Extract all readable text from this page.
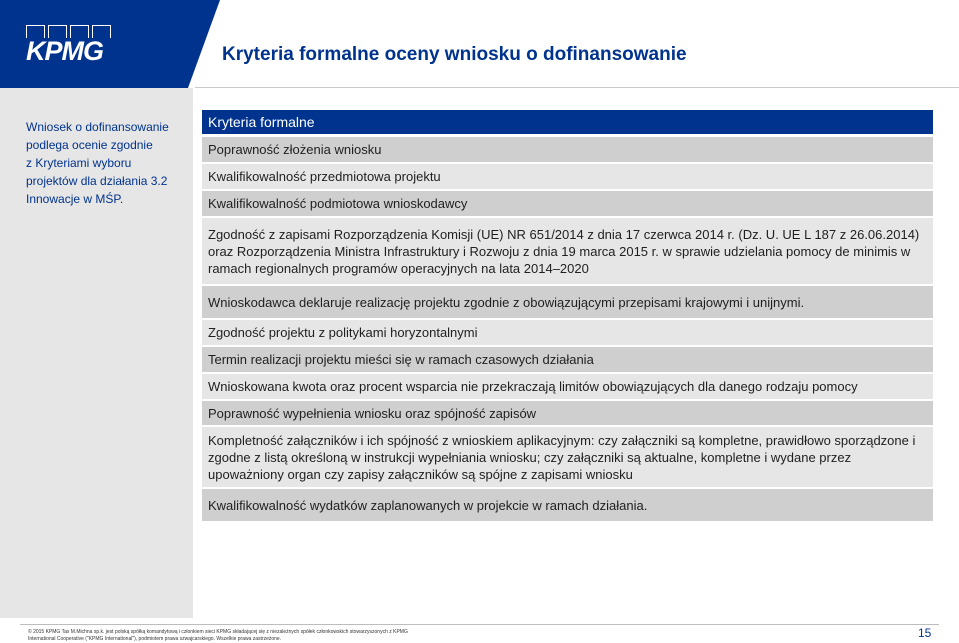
KPMG	Kryteria formalne oceny wniosku o dofinansowanie
Wniosek o dofinansowanie
podlega ocenie zgodnie
z Kryteriami wyboru
projektów dla działania 3.2
Innowacje w MŚP.
Kryteria formalne
Poprawność złożenia wniosku
Kwalifikowalność przedmiotowa projektu
Kwalifikowalność podmiotowa wnioskodawcy
Zgodność z zapisami Rozporządzenia Komisji (UE) NR 651/2014 z dnia 17 czerwca 2014 r. (Dz. U. UE L 187 z 26.06.2014) oraz Rozporządzenia Ministra Infrastruktury i Rozwoju z dnia 19 marca 2015 r. w sprawie udzielania pomocy de minimis w ramach regionalnych programów operacyjnych na lata 2014–2020
Wnioskodawca deklaruje realizację projektu zgodnie z obowiązującymi przepisami krajowymi i unijnymi.
Zgodność projektu z politykami horyzontalnymi
Termin realizacji projektu mieści się w ramach czasowych działania
Wnioskowana kwota oraz procent wsparcia nie przekraczają limitów obowiązujących dla danego rodzaju pomocy
Poprawność wypełnienia wniosku oraz spójność zapisów
Kompletność załączników i ich spójność z wnioskiem aplikacyjnym: czy załączniki są kompletne, prawidłowo sporządzone i zgodne z listą określoną w instrukcji wypełniania wniosku; czy załączniki są aktualne, kompletne i wydane przez upoważniony organ czy zapisy załączników są spójne z zapisami wniosku
Kwalifikowalność wydatków zaplanowanych w projekcie w ramach działania.
© 2015 KPMG Tax M.Michna sp.k. jest polską spółką komandytową i członkiem sieci KPMG składającej się z niezależnych spółek członkowskich stowarzyszonych z KPMG
International Cooperative ("KPMG International"), podmiotem prawa szwajcarskiego. Wszelkie prawa zastrzeżone.	15
